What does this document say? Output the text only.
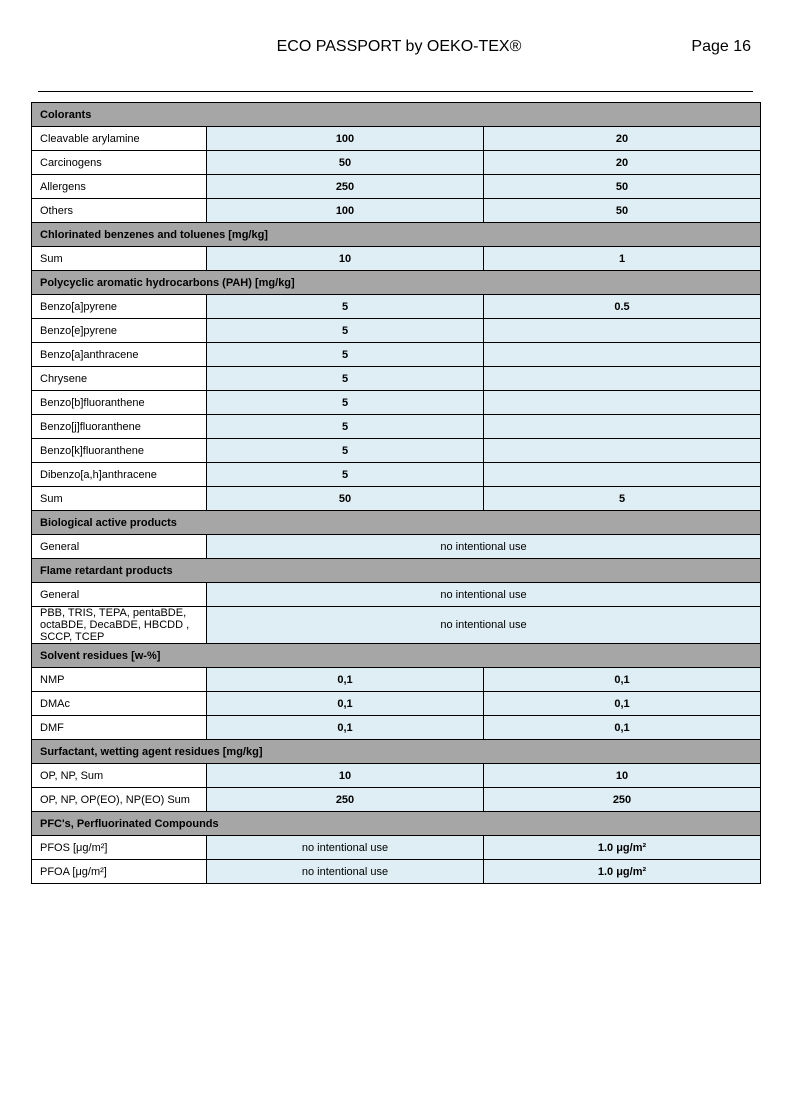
ECO PASSPORT by OEKO-TEX®	Page 16
Colorants		
Cleavable arylamine	100	20
Carcinogens	50	20
Allergens	250	50
Others	100	50
Chlorinated benzenes and toluenes [mg/kg]		
Sum	10	1
Polycyclic aromatic hydrocarbons (PAH) [mg/kg]		
Benzo[a]pyrene	5	0.5
Benzo[e]pyrene	5	
Benzo[a]anthracene	5	
Chrysene	5	
Benzo[b]fluoranthene	5	
Benzo[j]fluoranthene	5	
Benzo[k]fluoranthene	5	
Dibenzo[a,h]anthracene	5	
Sum	50	5
Biological active products		
General	no intentional use	
Flame retardant products		
General	no intentional use	
PBB, TRIS, TEPA, pentaBDE, octaBDE, DecaBDE, HBCDD , SCCP, TCEP	no intentional use	
Solvent residues [w-%]		
NMP	0,1	0,1
DMAc	0,1	0,1
DMF	0,1	0,1
Surfactant, wetting agent residues [mg/kg]		
OP, NP, Sum	10	10
OP, NP, OP(EO), NP(EO) Sum	250	250
PFC's, Perfluorinated Compounds		
PFOS [μg/m²]	no intentional use	1.0 μg/m²
PFOA [μg/m²]	no intentional use	1.0 μg/m²
